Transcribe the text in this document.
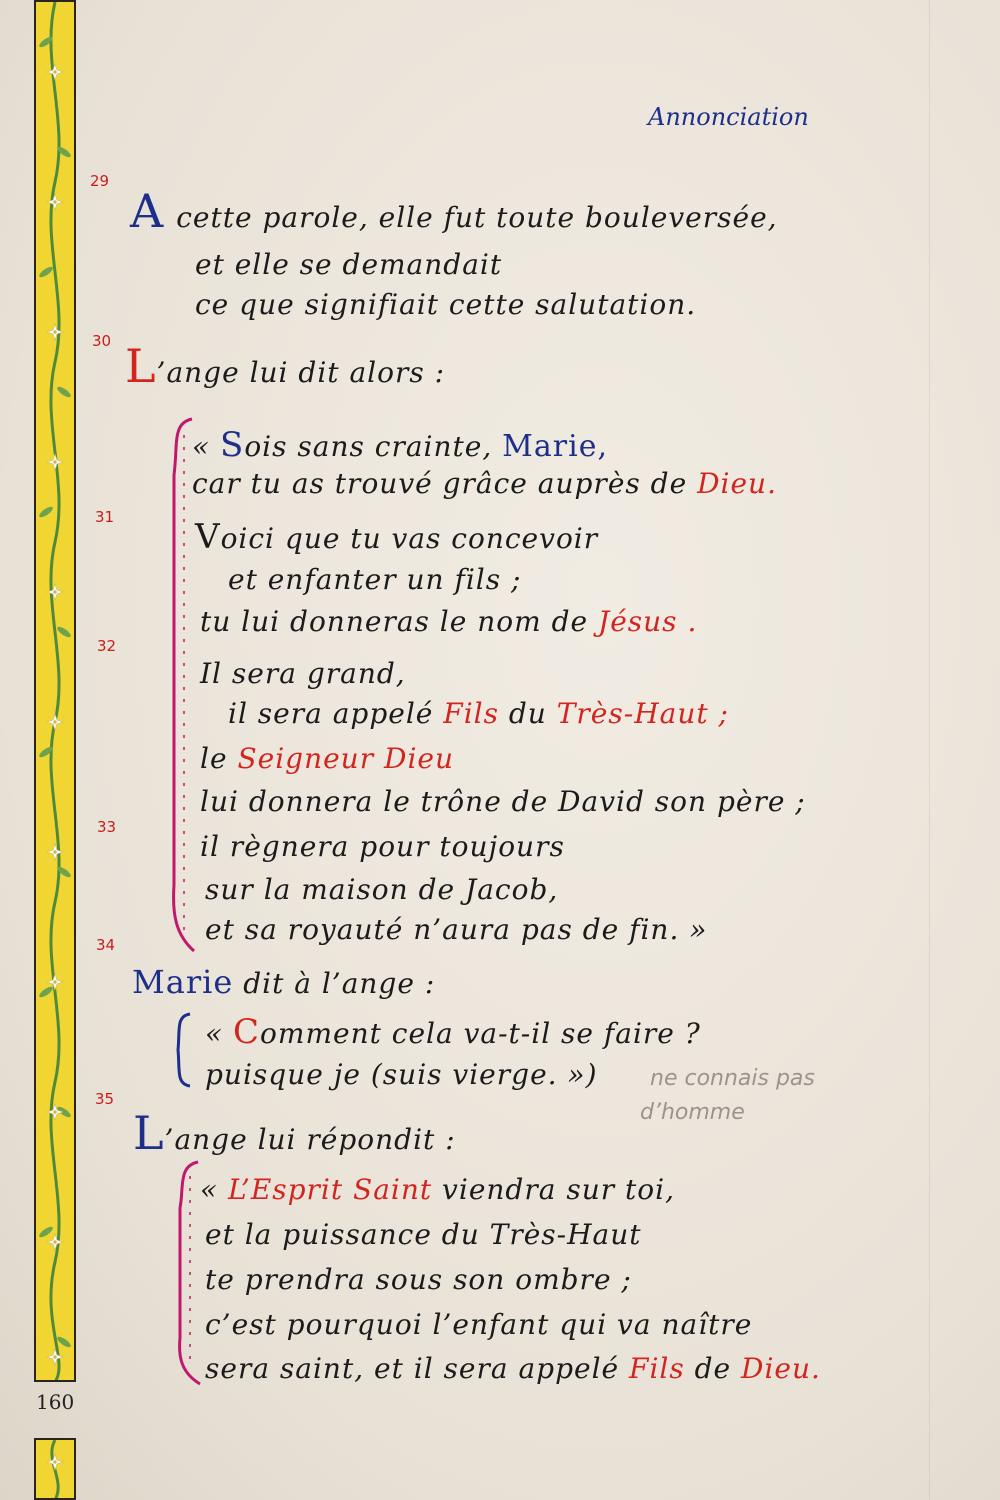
160
Annonciation
29
30
31
32
33
34
35
Acette parole, elle fut toute bouleversée,
et elle se demandait
ce que signifiait cette salutation.
L’ange lui dit alors :
« Sois sans crainte, Marie,
car tu as trouvé grâce auprès de Dieu.
Voici que tu vas concevoir
et enfanter un fils ;
tu lui donneras le nom de Jésus .
Il sera grand,
il sera appelé Fils du Très-Haut ;
le Seigneur Dieu
lui donnera le trône de David son père ;
il règnera pour toujours
sur la maison de Jacob,
et sa royauté n’aura pas de fin. »
Marie dit à l’ange :
« Comment cela va-t-il se faire ?
puisque je (suis vierge. ») ne connais pas
d’homme
L’ange lui répondit :
« L’Esprit Saint viendra sur toi,
et la puissance du Très-Haut
te prendra sous son ombre ;
c’est pourquoi l’enfant qui va naître
sera saint, et il sera appelé Fils de Dieu.
